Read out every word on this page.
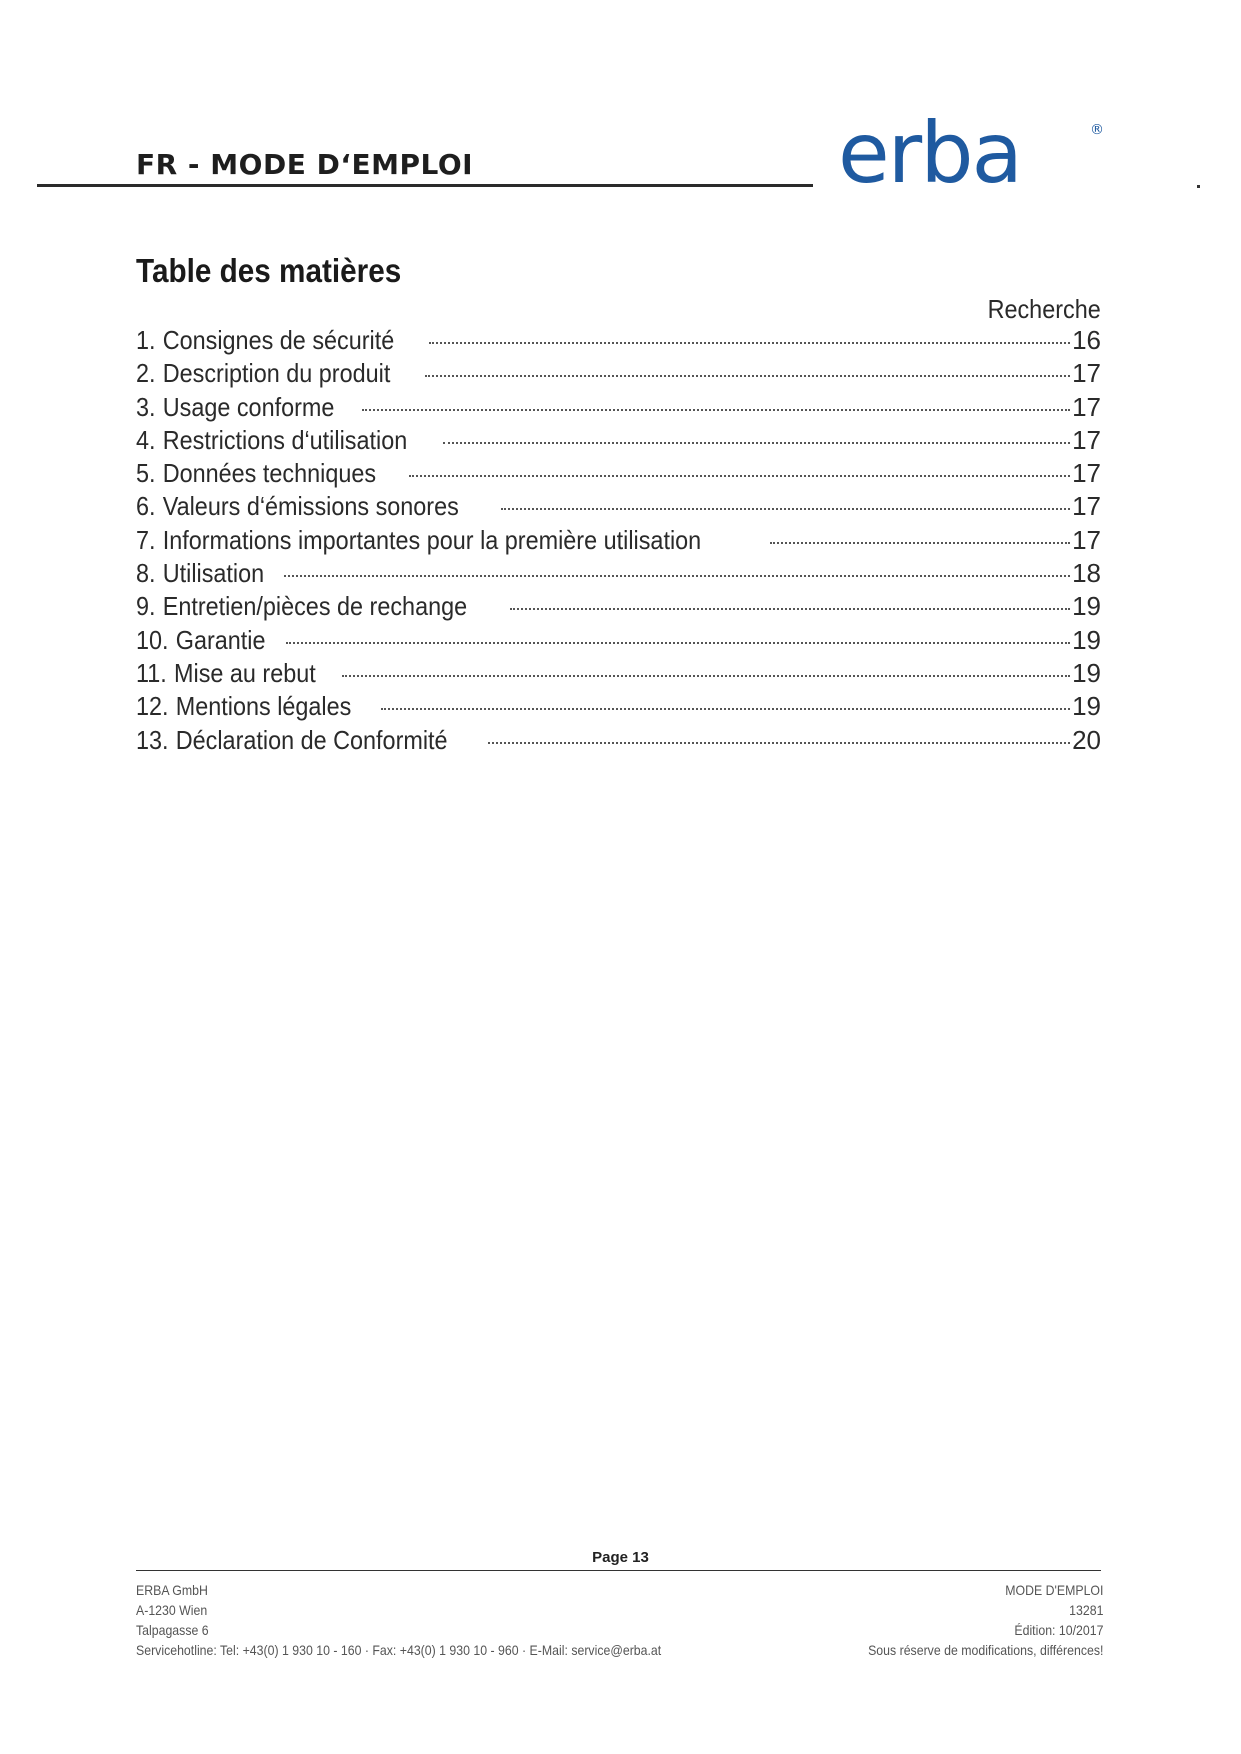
FR - MODE D‘EMPLOI	erba	®
Table des matières
Recherche
1. Consignes de sécurité	16
2. Description du produit	17
3. Usage conforme	17
4. Restrictions d‘utilisation	17
5. Données techniques	17
6. Valeurs d‘émissions sonores	17
7. Informations importantes pour la première utilisation	17
8. Utilisation	18
9. Entretien/pièces de rechange	19
10. Garantie	19
11. Mise au rebut	19
12. Mentions légales	19
13. Déclaration de Conformité	20
Page 13
ERBA GmbH
A-1230 Wien
Talpagasse 6
Servicehotline: Tel: +43(0) 1 930 10 - 160 · Fax: +43(0) 1 930 10 - 960 · E-Mail: service@erba.at
MODE D'EMPLOI
13281
Édition: 10/2017
Sous réserve de modifications, différences!
